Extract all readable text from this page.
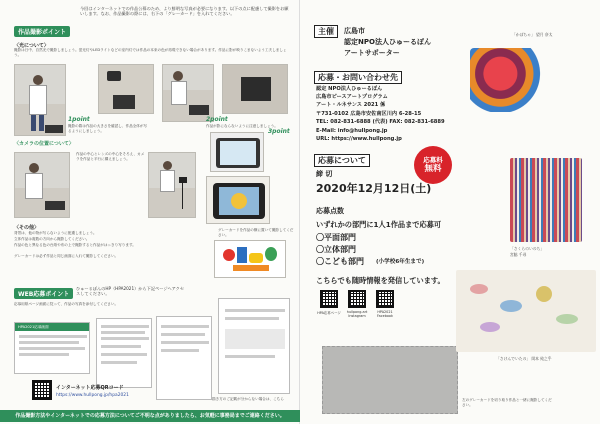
作品撮影ポイント
今回はインターネットでの作品公募のため、より鮮明な写真が必要になります。以下の点に配慮して撮影をお願いします。なお、作品撮影の際には、右下の「グレーカード」を入れてください。
〈光について〉
撮影は日中、自然光で撮影しましょう。蛍光灯やLEDライトなどの室内灯では作品の本来の色が再現できない場合があります。作品に影が映りこまないよう工夫しましょう。
1point
撮影の際は作品の大きさを確認し、作品全体が写るようにしましょう。
2point
作品が影にならないように注意しましょう。
〈カメラの位置について〉
作品の中心とレンズの中心をそろえ、カメラを作品と平行に構えましょう。
3point
グレーカードを作品の横に置いて撮影してください。
〈その他〉
背景は、他の物が写らないように配慮しましょう。
立体作品は複数の方向から撮影してください。
作品の色と異なる色の台紙や布の上で撮影すると作品がはっきり写ります。
グレーカードは必ず作品と同じ画面に入れて撮影してください。
WEB応募ポイント
ひゅーるぽんのHP（HPA2021）から下記ページへアクセスしてください。
応募用紙ページ画面に従って、作品の写真を添付してください。
HPA2021応募画面
インターネット応募QRコード
https://www.hullpong.jp/hpa2021
描き方のご記載が分からない場合は、こちら
作品撮影方法やインターネットでの応募方法についてご不明な点がありましたら、お気軽に事務局までご連絡ください。
主催	広島市
認定NPO法人ひゅーるぽん
アートサポーター
応募・お問い合わせ先
認定 NPO法人ひゅーるぽん
広島市ピースアートプログラム
アート・ルネサンス 2021 係
〒731-0102 広島市安佐南区川内 6-28-15
TEL: 082-831-6888 (代表) FAX: 082-831-6889
E-Mail: info@hullpong.jp
URL: https://www.hullpong.jp
応募について
締 切
2020年12月12日(土)
応募料
無料
応募点数
いずれかの部門に1人1作品まで応募可
〇平面部門
〇立体部門
〇こども部門 (小学校6年生まで)
こちらでも随時情報を発信しています。
HPA応募ページ	hullpong.art
Instagram
HPA2021
Facebook
左のグレーカードを切り取り作品と一緒に撮影してください。
「かぼちゃ」 望月 奈太
「さくらのいのち」
宮脇 千尋
「さけんでいたの」 岡本 純之乎
